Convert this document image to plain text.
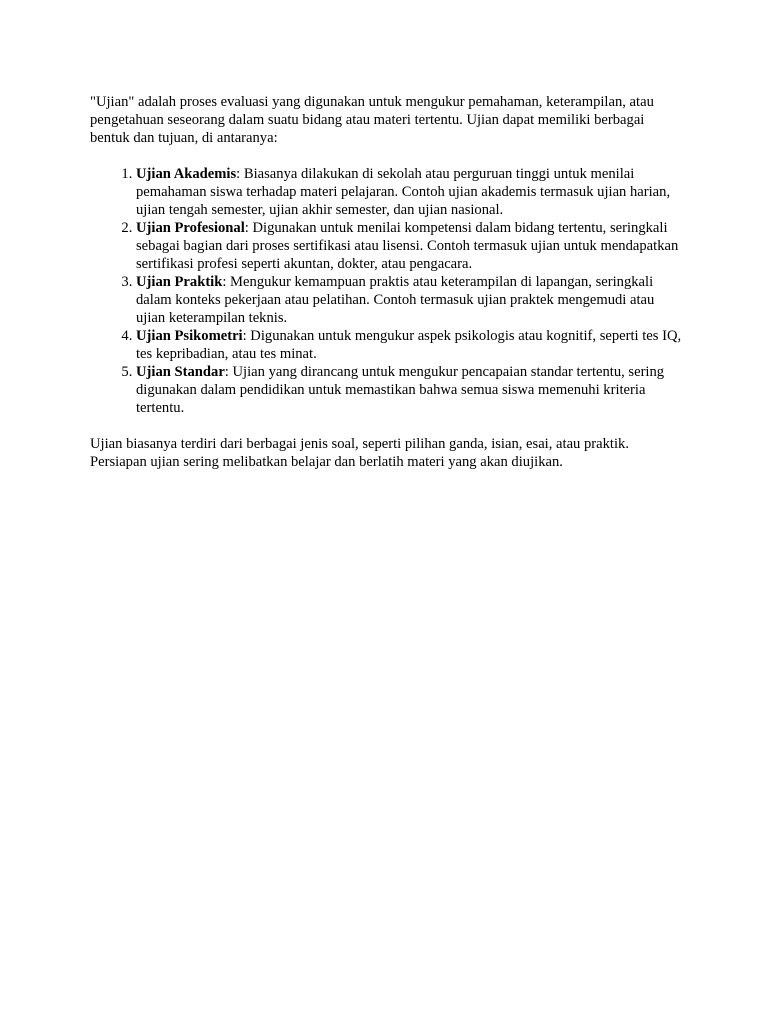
"Ujian" adalah proses evaluasi yang digunakan untuk mengukur pemahaman, keterampilan, atau pengetahuan seseorang dalam suatu bidang atau materi tertentu. Ujian dapat memiliki berbagai bentuk dan tujuan, di antaranya:

1. Ujian Akademis: Biasanya dilakukan di sekolah atau perguruan tinggi untuk menilai pemahaman siswa terhadap materi pelajaran. Contoh ujian akademis termasuk ujian harian, ujian tengah semester, ujian akhir semester, dan ujian nasional.
2. Ujian Profesional: Digunakan untuk menilai kompetensi dalam bidang tertentu, seringkali sebagai bagian dari proses sertifikasi atau lisensi. Contoh termasuk ujian untuk mendapatkan sertifikasi profesi seperti akuntan, dokter, atau pengacara.
3. Ujian Praktik: Mengukur kemampuan praktis atau keterampilan di lapangan, seringkali dalam konteks pekerjaan atau pelatihan. Contoh termasuk ujian praktek mengemudi atau ujian keterampilan teknis.
4. Ujian Psikometri: Digunakan untuk mengukur aspek psikologis atau kognitif, seperti tes IQ, tes kepribadian, atau tes minat.
5. Ujian Standar: Ujian yang dirancang untuk mengukur pencapaian standar tertentu, sering digunakan dalam pendidikan untuk memastikan bahwa semua siswa memenuhi kriteria tertentu.

Ujian biasanya terdiri dari berbagai jenis soal, seperti pilihan ganda, isian, esai, atau praktik. Persiapan ujian sering melibatkan belajar dan berlatih materi yang akan diujikan.
